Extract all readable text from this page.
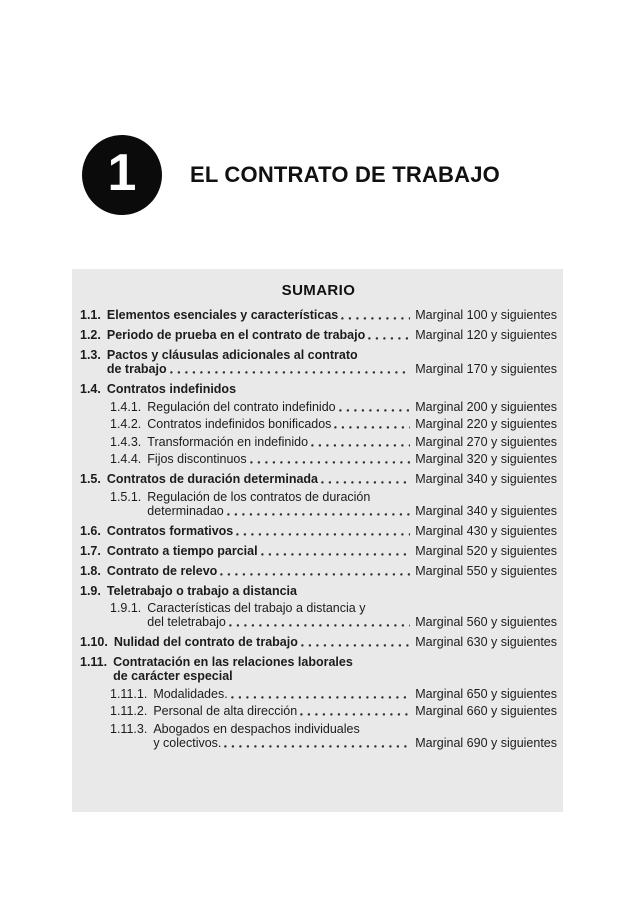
1 EL CONTRATO DE TRABAJO
SUMARIO
1.1. Elementos esenciales y características	Marginal 100 y siguientes
1.2. Periodo de prueba en el contrato de trabajo	Marginal 120 y siguientes
1.3. Pactos y cláusulas adicionales al contrato
de trabajo	Marginal 170 y siguientes
1.4. Contratos indefinidos
1.4.1. Regulación del contrato indefinido	Marginal 200 y siguientes
1.4.2. Contratos indefinidos bonificados	Marginal 220 y siguientes
1.4.3. Transformación en indefinido	Marginal 270 y siguientes
1.4.4. Fijos discontinuos	Marginal 320 y siguientes
1.5. Contratos de duración determinada	Marginal 340 y siguientes
1.5.1. Regulación de los contratos de duración
determinadao	Marginal 340 y siguientes
1.6. Contratos formativos	Marginal 430 y siguientes
1.7. Contrato a tiempo parcial	Marginal 520 y siguientes
1.8. Contrato de relevo	Marginal 550 y siguientes
1.9. Teletrabajo o trabajo a distancia
1.9.1. Características del trabajo a distancia y
del teletrabajo	Marginal 560 y siguientes
1.10. Nulidad del contrato de trabajo	Marginal 630 y siguientes
1.11. Contratación en las relaciones laborales
de carácter especial
1.11.1. Modalidades.	Marginal 650 y siguientes
1.11.2. Personal de alta dirección	Marginal 660 y siguientes
1.11.3. Abogados en despachos individuales
y colectivos.	Marginal 690 y siguientes
